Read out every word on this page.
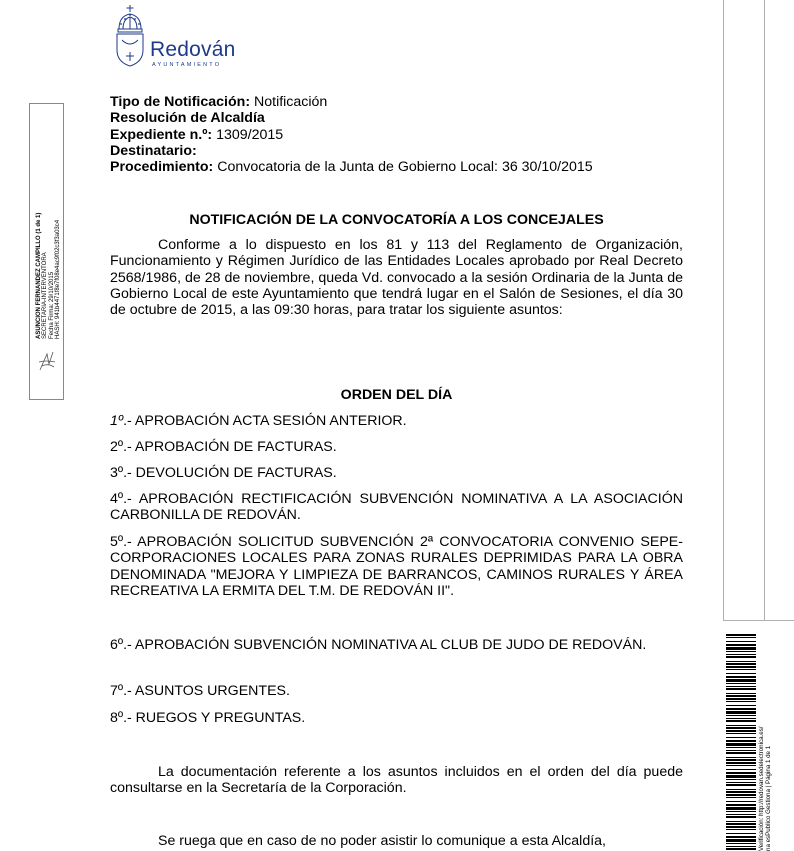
Redován
AYUNTAMIENTO
Tipo de Notificación: Notificación
Resolución de Alcaldía
Expediente n.º: 1309/2015
Destinatario:
Procedimiento: Convocatoria de la Junta de Gobierno Local: 36 30/10/2015
NOTIFICACIÓN DE LA CONVOCATORÍA A LOS CONCEJALES
Conforme a lo dispuesto en los 81 y 113 del Reglamento de Organización, Funcionamiento y Régimen Jurídico de las Entidades Locales aprobado por Real Decreto 2568/1986, de 28 de noviembre, queda Vd. convocado a la sesión Ordinaria de la Junta de Gobierno Local de este Ayuntamiento que tendrá lugar en el Salón de Sesiones, el día 30 de octubre de 2015, a las 09:30 horas, para tratar los siguiente asuntos:
ORDEN DEL DÍA
1º.- APROBACIÓN ACTA SESIÓN ANTERIOR.
2º.- APROBACIÓN DE FACTURAS.
3º.- DEVOLUCIÓN DE FACTURAS.
4º.- APROBACIÓN RECTIFICACIÓN SUBVENCIÓN NOMINATIVA A LA ASOCIACIÓN CARBONILLA DE REDOVÁN.
5º.- APROBACIÓN SOLICITUD SUBVENCIÓN 2ª CONVOCATORIA CONVENIO SEPE-CORPORACIONES LOCALES PARA ZONAS RURALES DEPRIMIDAS PARA LA OBRA DENOMINADA "MEJORA Y LIMPIEZA DE BARRANCOS, CAMINOS RURALES Y ÁREA RECREATIVA LA ERMITA DEL T.M. DE REDOVÁN II".
6º.- APROBACIÓN SUBVENCIÓN NOMINATIVA AL CLUB DE JUDO DE REDOVÁN.
7º.- ASUNTOS URGENTES.
8º.- RUEGOS Y PREGUNTAS.
La documentación referente a los asuntos incluidos en el orden del día puede consultarse en la Secretaría de la Corporación.
Se ruega que en caso de no poder asistir lo comunique a esta Alcaldía,
ASUNCION FERNANDEZ CAMPILLO (1 de 1) SECRETARIA-INTERVENTORA Fecha Firma: 29/10/2015 HASH: 941b4471f8e7f08e4ac9f02c3f3a03c4
Verificación: http://redovan.sedelectronica.es/ na esPublico Gestiona | Página 1 de 1
